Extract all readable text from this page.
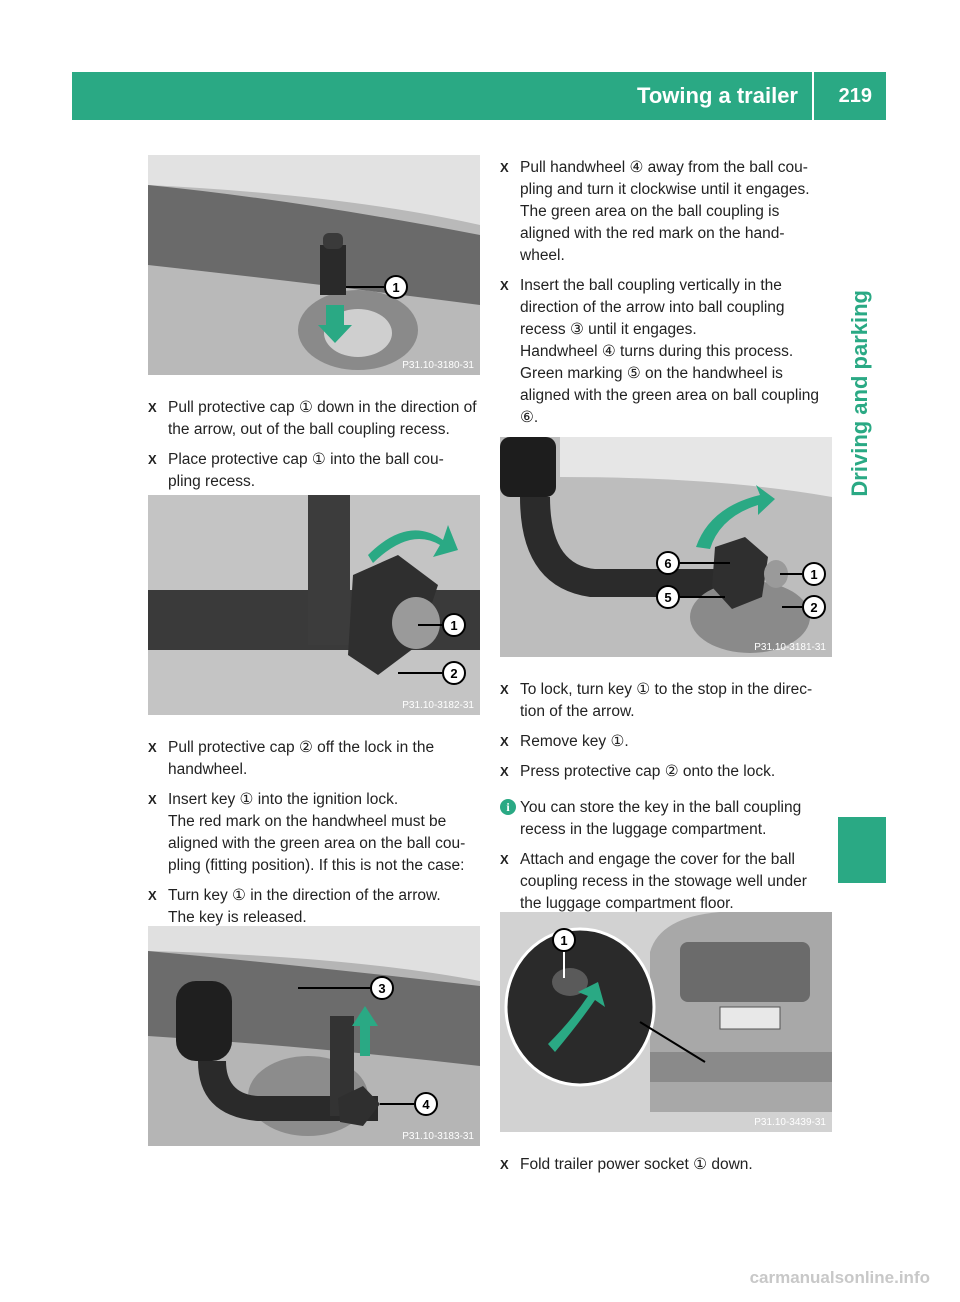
Towing a trailer	219
Driving and parking
1
P31.10-3180-31

X Pull protective cap ① down in the direction of the arrow, out of the ball coupling recess.

X Place protective cap ① into the ball cou- pling recess.

1
2
P31.10-3182-31

X Pull protective cap ② off the lock in the handwheel.

X Insert key ① into the ignition lock.

The red mark on the handwheel must be aligned with the green area on the ball cou- pling (fitting position). If this is not the case:

X Turn key ① in the direction of the arrow.

The key is released.

3
4
P31.10-3183-31

X Pull handwheel ④ away from the ball cou- pling and turn it clockwise until it engages. The green area on the ball coupling is aligned with the red mark on the hand- wheel.

X Insert the ball coupling vertically in the direction of the arrow into ball coupling recess ③ until it engages.

Handwheel ④ turns during this process. Green marking ⑤ on the handwheel is aligned with the green area on ball coupling ⑥.

6
5
1
2
P31.10-3181-31

X To lock, turn key ① to the stop in the direc- tion of the arrow.

X Remove key ①.

X Press protective cap ② onto the lock.

i You can store the key in the ball coupling recess in the luggage compartment.

X Attach and engage the cover for the ball coupling recess in the stowage well under the luggage compartment floor.

1
P31.10-3439-31

X Fold trailer power socket ① down.

carmanualsonline.info
